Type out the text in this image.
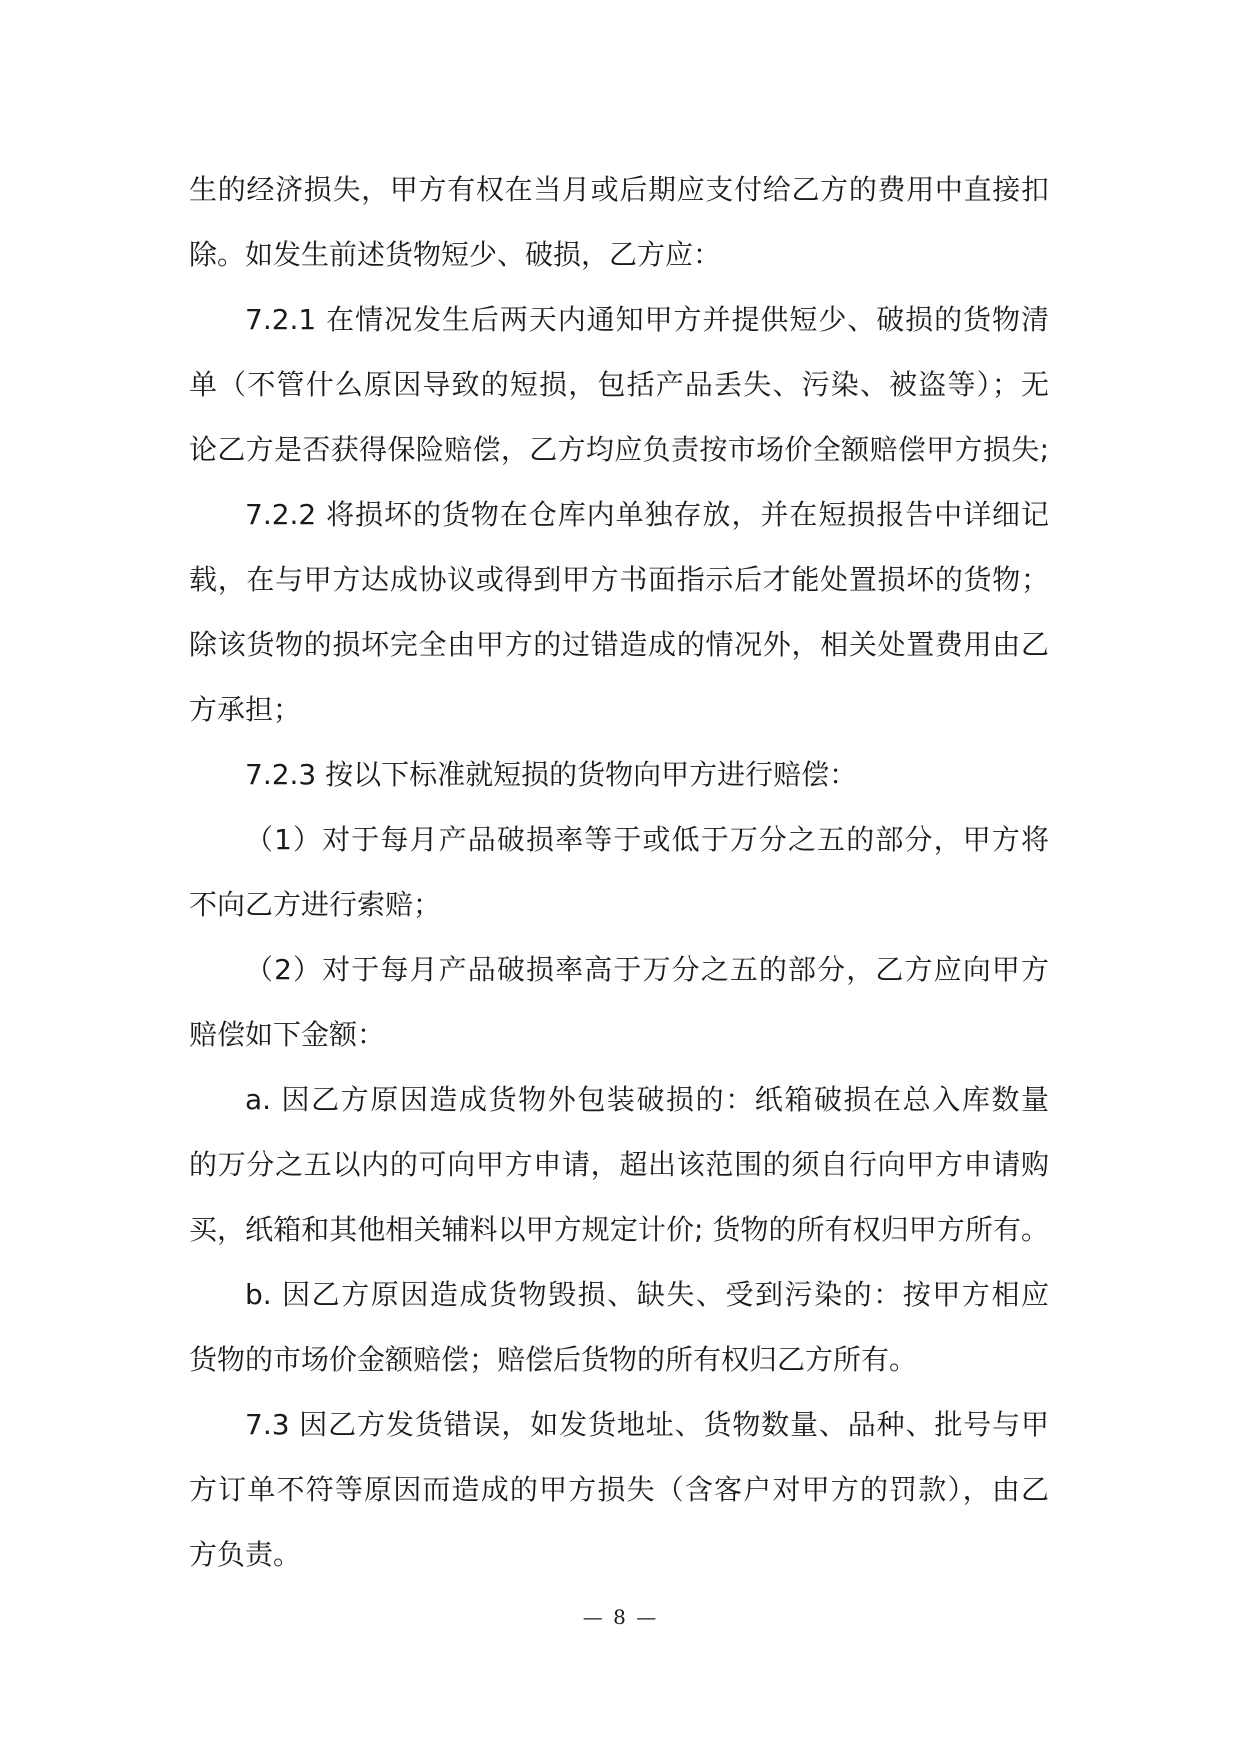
生的经济损失，甲方有权在当月或后期应支付给乙方的费用中直接扣
除。如发生前述货物短少、破损，乙方应：
7.2.1 在情况发生后两天内通知甲方并提供短少、破损的货物清
单（不管什么原因导致的短损，包括产品丢失、污染、被盗等）；无
论乙方是否获得保险赔偿，乙方均应负责按市场价全额赔偿甲方损失;
7.2.2 将损坏的货物在仓库内单独存放，并在短损报告中详细记
载，在与甲方达成协议或得到甲方书面指示后才能处置损坏的货物；
除该货物的损坏完全由甲方的过错造成的情况外，相关处置费用由乙
方承担；
7.2.3 按以下标准就短损的货物向甲方进行赔偿：
（1）对于每月产品破损率等于或低于万分之五的部分，甲方将
不向乙方进行索赔；
（2）对于每月产品破损率高于万分之五的部分，乙方应向甲方
赔偿如下金额：
a. 因乙方原因造成货物外包装破损的：纸箱破损在总入库数量
的万分之五以内的可向甲方申请，超出该范围的须自行向甲方申请购
买，纸箱和其他相关辅料以甲方规定计价; 货物的所有权归甲方所有。
b. 因乙方原因造成货物毁损、缺失、受到污染的：按甲方相应
货物的市场价金额赔偿；赔偿后货物的所有权归乙方所有。
7.3 因乙方发货错误，如发货地址、货物数量、品种、批号与甲
方订单不符等原因而造成的甲方损失（含客户对甲方的罚款），由乙
方负责。
— 8 —
